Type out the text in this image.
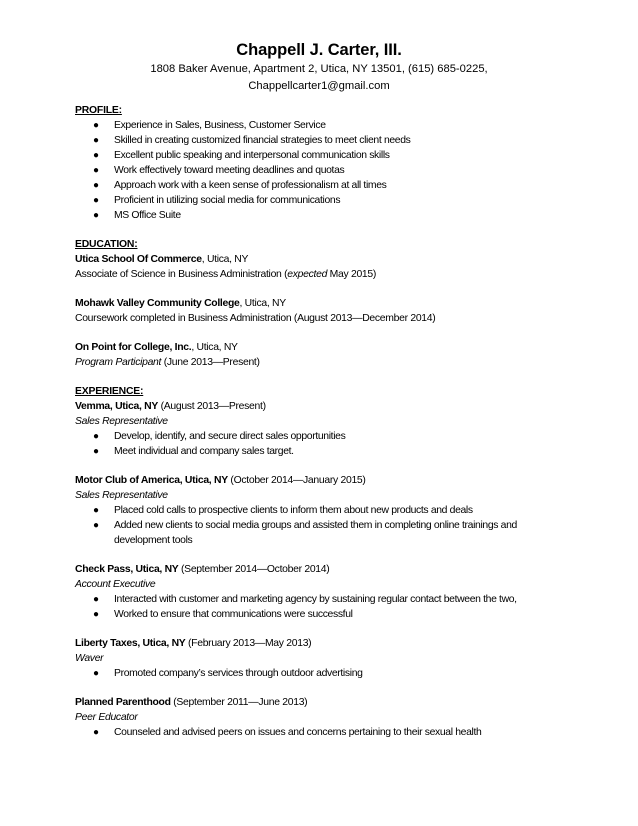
Chappell J. Carter, III.
1808 Baker Avenue, Apartment 2, Utica, NY 13501, (615) 685-0225,
Chappellcarter1@gmail.com
PROFILE:
● Experience in Sales, Business, Customer Service
● Skilled in creating customized financial strategies to meet client needs
● Excellent public speaking and interpersonal communication skills
● Work effectively toward meeting deadlines and quotas
● Approach work with a keen sense of professionalism at all times
● Proficient in utilizing social media for communications
● MS Office Suite
EDUCATION:
Utica School Of Commerce, Utica, NY
Associate of Science in Business Administration (expected May 2015)
Mohawk Valley Community College, Utica, NY
Coursework completed in Business Administration (August 2013—December 2014)
On Point for College, Inc., Utica, NY
Program Participant (June 2013—Present)
EXPERIENCE:
Vemma, Utica, NY (August 2013—Present)
Sales Representative
● Develop, identify, and secure direct sales opportunities
● Meet individual and company sales target.
Motor Club of America, Utica, NY (October 2014—January 2015)
Sales Representative
● Placed cold calls to prospective clients to inform them about new products and deals
● Added new clients to social media groups and assisted them in completing online trainings and development tools
Check Pass, Utica, NY (September 2014—October 2014)
Account Executive
● Interacted with customer and marketing agency by sustaining regular contact between the two,
● Worked to ensure that communications were successful
Liberty Taxes, Utica, NY (February 2013—May 2013)
Waver
● Promoted company’s services through outdoor advertising
Planned Parenthood (September 2011—June 2013)
Peer Educator
● Counseled and advised peers on issues and concerns pertaining to their sexual health
